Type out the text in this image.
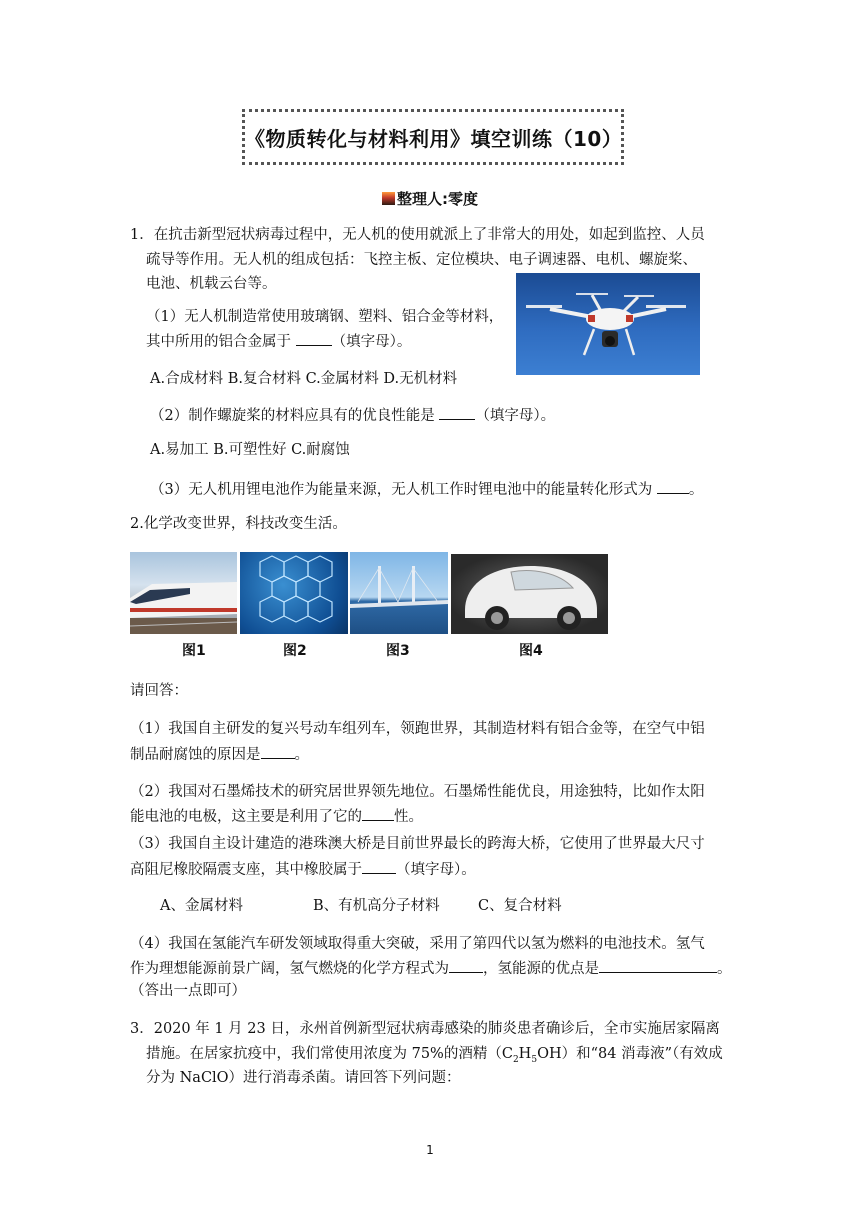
《物质转化与材料利用》填空训练（10）
整理人:零度
1．在抗击新型冠状病毒过程中，无人机的使用就派上了非常大的用处，如起到监控、人员
疏导等作用。无人机的组成包括：飞控主板、定位模块、电子调速器、电机、螺旋桨、
电池、机载云台等。
（1）无人机制造常使用玻璃钢、塑料、铝合金等材料，
其中所用的铝合金属于	（填字母）。
A.合成材料 B.复合材料 C.金属材料 D.无机材料
（2）制作螺旋桨的材料应具有的优良性能是	（填字母）。
A.易加工 B.可塑性好 C.耐腐蚀
（3）无人机用锂电池作为能量来源，无人机工作时锂电池中的能量转化形式为	。
2.化学改变世界，科技改变生活。
图1	图2	图3	图4
请回答：
（1）我国自主研发的复兴号动车组列车，领跑世界，其制造材料有铝合金等，在空气中铝
制品耐腐蚀的原因是 。
（2）我国对石墨烯技术的研究居世界领先地位。石墨烯性能优良，用途独特，比如作太阳
能电池的电极，这主要是利用了它的 性。
（3）我国自主设计建造的港珠澳大桥是目前世界最长的跨海大桥，它使用了世界最大尺寸
高阻尼橡胶隔震支座，其中橡胶属于 （填字母）。
A、金属材料	B、有机高分子材料	C、复合材料
（4）我国在氢能汽车研发领域取得重大突破，采用了第四代以氢为燃料的电池技术。氢气
作为理想能源前景广阔，氢气燃烧的化学方程式为 ，氢能源的优点是	。
（答出一点即可）
3．2020 年 1 月 23 日，永州首例新型冠状病毒感染的肺炎患者确诊后，全市实施居家隔离
措施。在居家抗疫中，我们常使用浓度为 75%的酒精$(C_2H_5OH)$和“84 消毒液”（有效成
分为 NaClO）进行消毒杀菌。请回答下列问题：
1
